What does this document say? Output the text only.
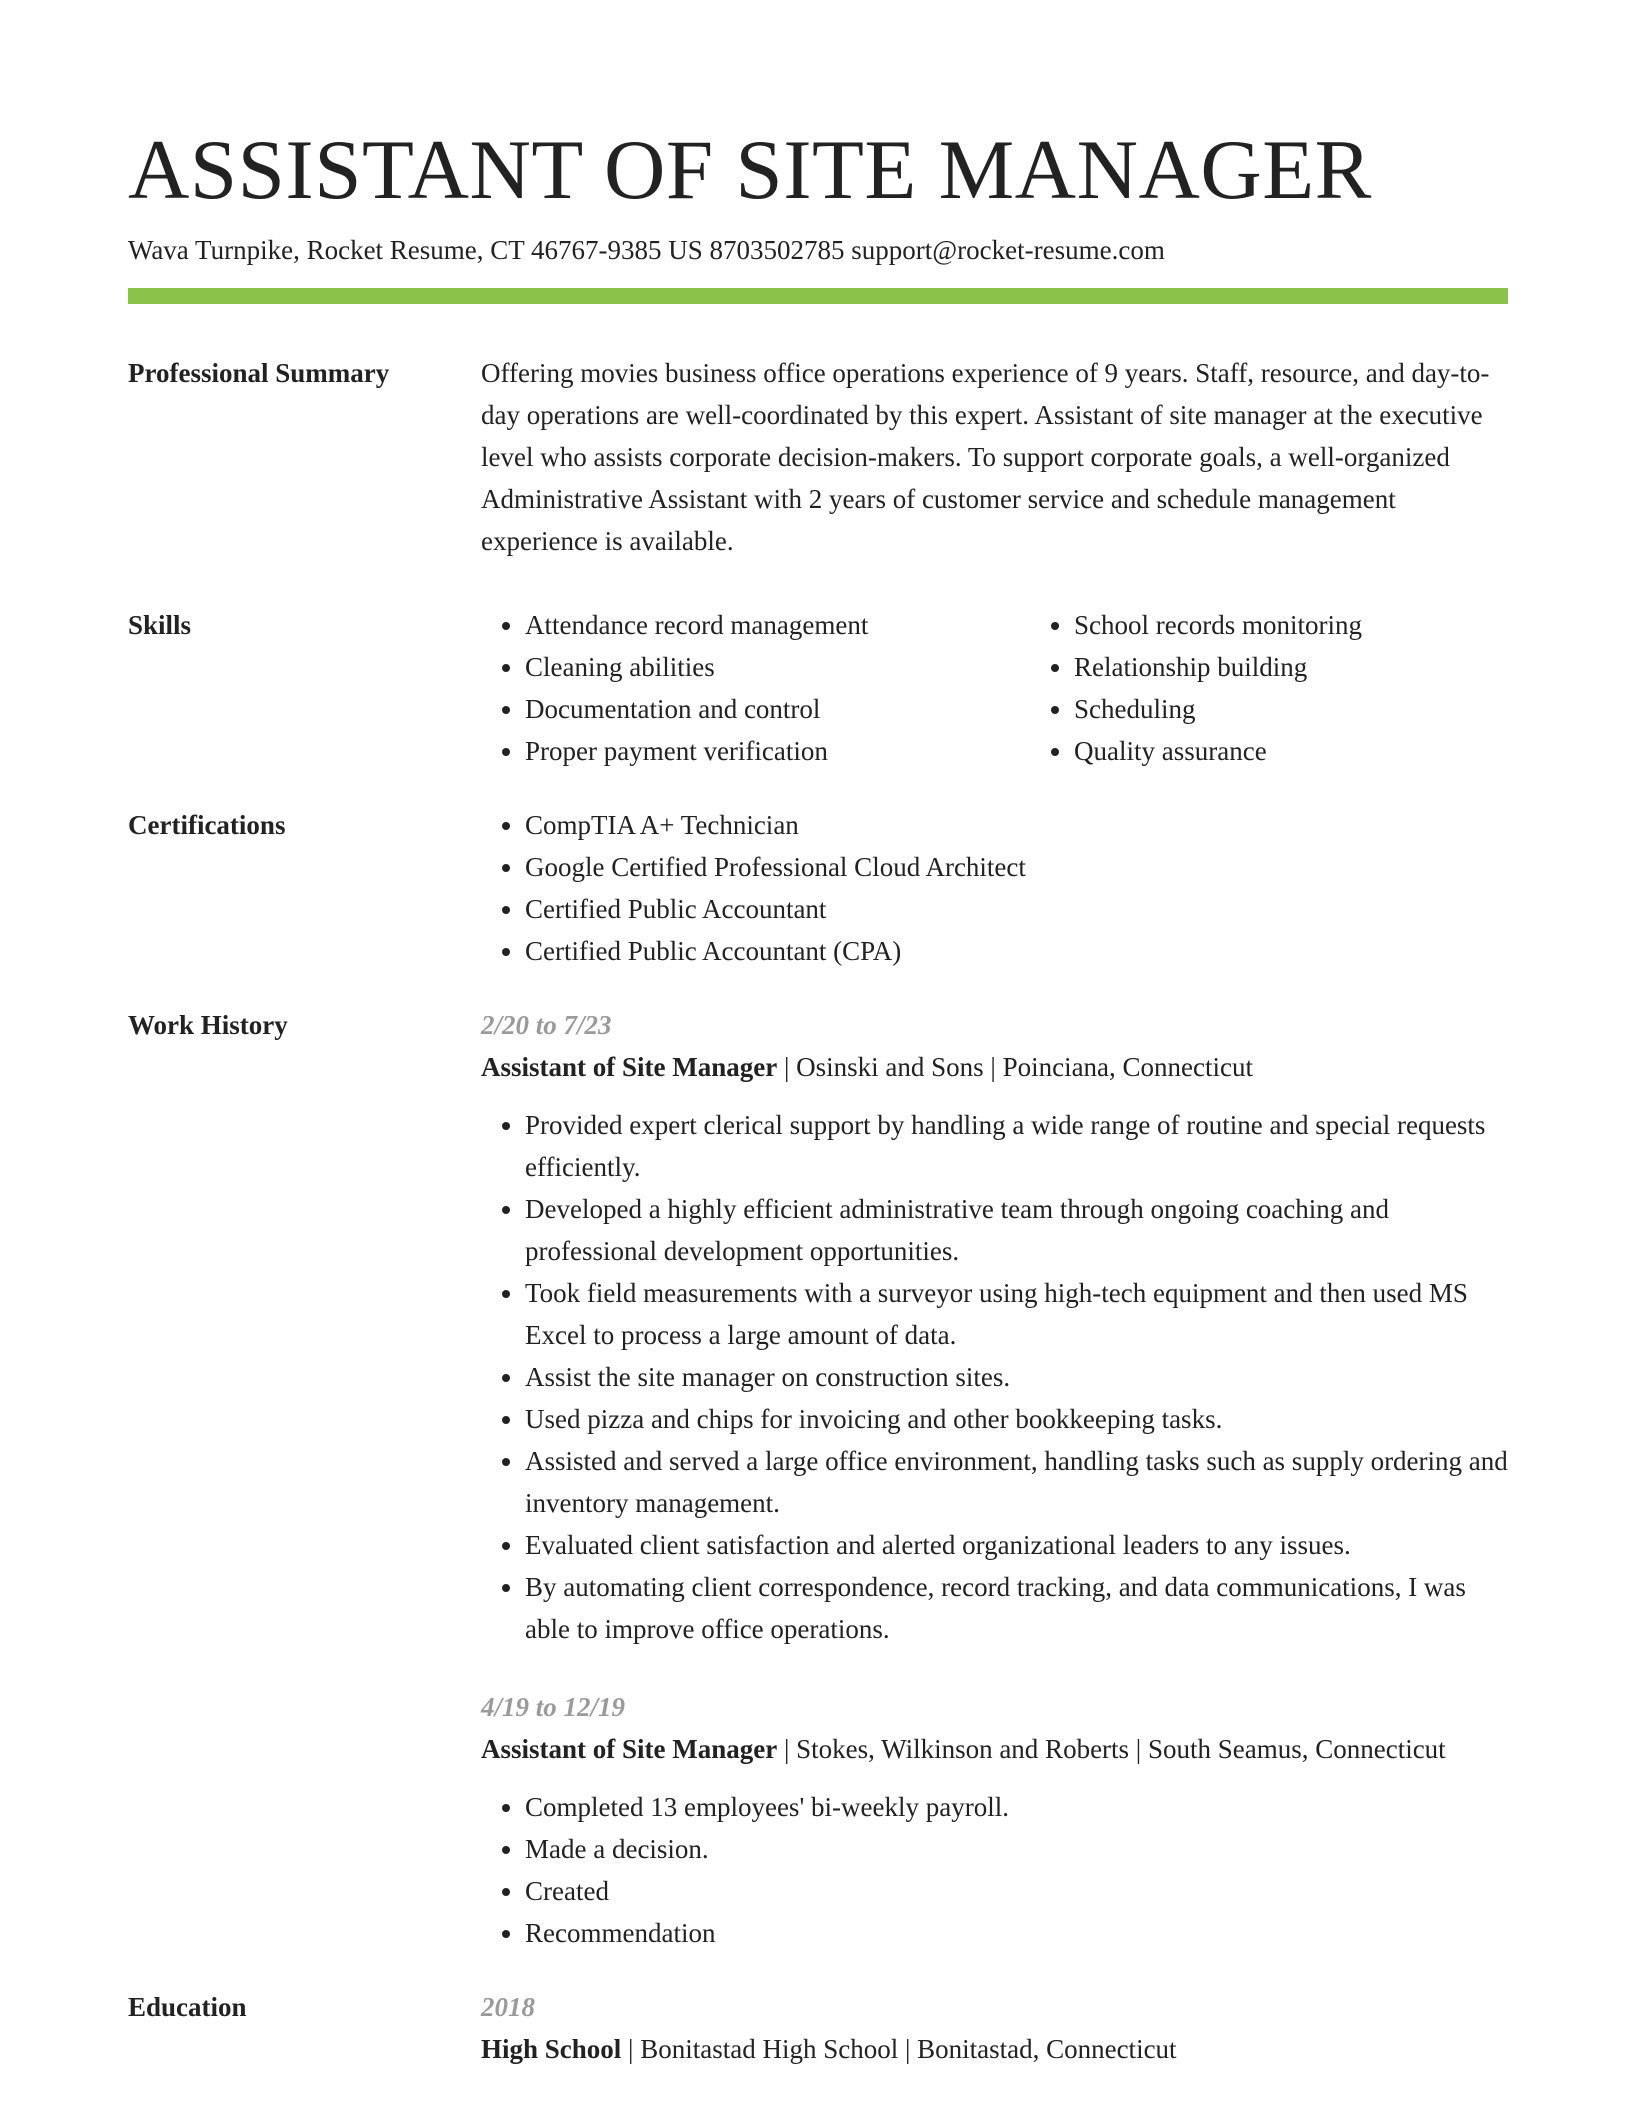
ASSISTANT OF SITE MANAGER
Wava Turnpike, Rocket Resume, CT 46767-9385 US 8703502785 support@rocket-resume.com
Professional Summary	Offering movies business office operations experience of 9 years. Staff, resource, and day-to-day operations are well-coordinated by this expert. Assistant of site manager at the executive level who assists corporate decision-makers. To support corporate goals, a well-organized Administrative Assistant with 2 years of customer service and schedule management experience is available.

Skills	• Attendance record management
• Cleaning abilities
• Documentation and control
• Proper payment verification
• School records monitoring
• Relationship building
• Scheduling
• Quality assurance
Certifications	• CompTIA A+ Technician
• Google Certified Professional Cloud Architect
• Certified Public Accountant
• Certified Public Accountant (CPA)
Work History	2/20 to 7/23
Assistant of Site Manager | Osinski and Sons | Poinciana, Connecticut
• Provided expert clerical support by handling a wide range of routine and special requests efficiently.
• Developed a highly efficient administrative team through ongoing coaching and professional development opportunities.
• Took field measurements with a surveyor using high-tech equipment and then used MS Excel to process a large amount of data.
• Assist the site manager on construction sites.
• Used pizza and chips for invoicing and other bookkeeping tasks.
• Assisted and served a large office environment, handling tasks such as supply ordering and inventory management.
• Evaluated client satisfaction and alerted organizational leaders to any issues.
• By automating client correspondence, record tracking, and data communications, I was able to improve office operations.
4/19 to 12/19
Assistant of Site Manager | Stokes, Wilkinson and Roberts | South Seamus, Connecticut
• Completed 13 employees' bi-weekly payroll.
• Made a decision.
• Created
• Recommendation
Education	2018
High School | Bonitastad High School | Bonitastad, Connecticut
